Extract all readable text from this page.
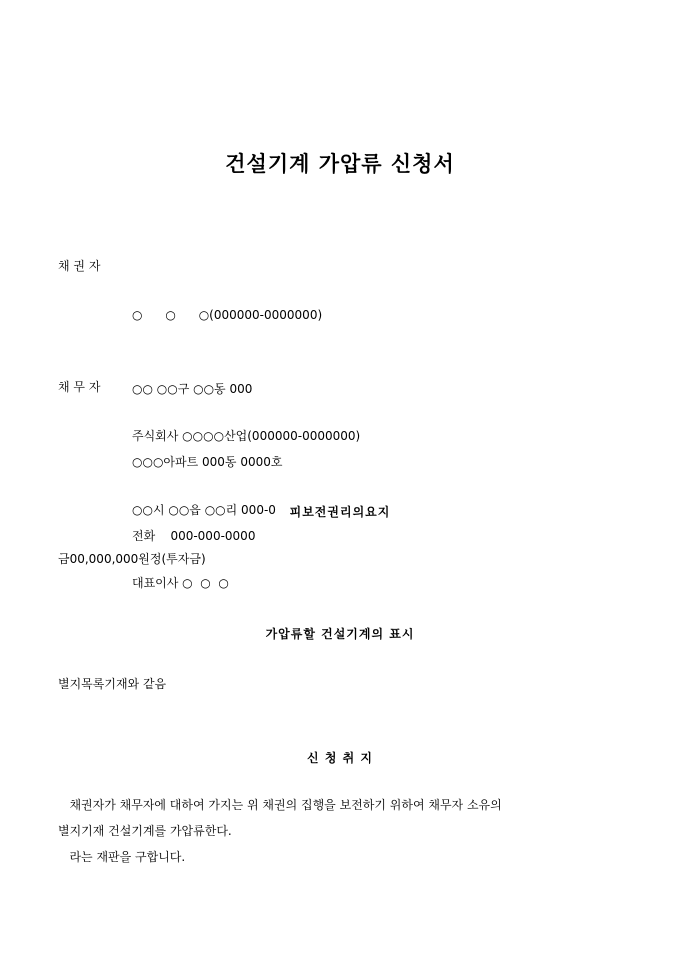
건설기계 가압류 신청서
채 권 자

○      ○      ○(000000-0000000)

○○ ○○구 ○○동 000

○○○아파트 000동 0000호

전화    000-000-0000

채 무 자

주식회사 ○○○○산업(000000-0000000)

○○시 ○○읍 ○○리 000-0

대표이사 ○  ○  ○

피보전권리의요지
금00,000,000원정(투자금)
가압류할 건설기계의 표시
별지목록기재와 같음
신 청 취 지
채권자가 채무자에 대하여 가지는 위 채권의 집행을 보전하기 위하여 채무자 소유의
별지기재 건설기계를 가압류한다.
라는 재판을 구합니다.
